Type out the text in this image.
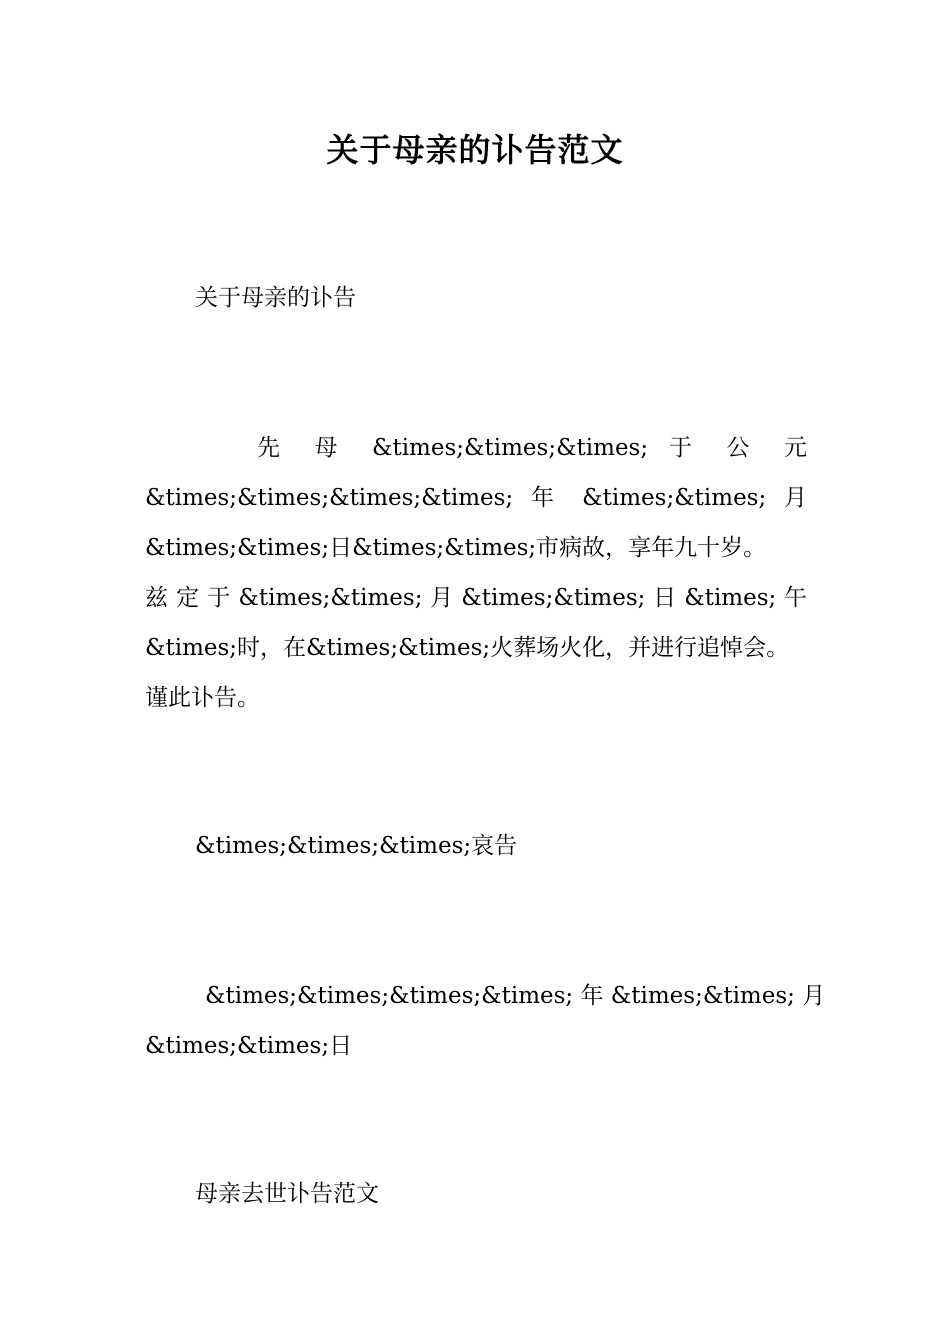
关于母亲的讣告范文
关于母亲的讣告
先 母 &times;&times;&times; 于 公 元
&times;&times;&times;&times; 年 &times;&times; 月
&times;&times;日&times;&times;市病故，享年九十岁。
兹 定 于 &times;&times; 月 &times;&times; 日 &times; 午
&times;时，在&times;&times;火葬场火化，并进行追悼会。
谨此讣告。
&times;&times;&times;哀告
&times;&times;&times;&times; 年 &times;&times; 月
&times;&times;日
母亲去世讣告范文
